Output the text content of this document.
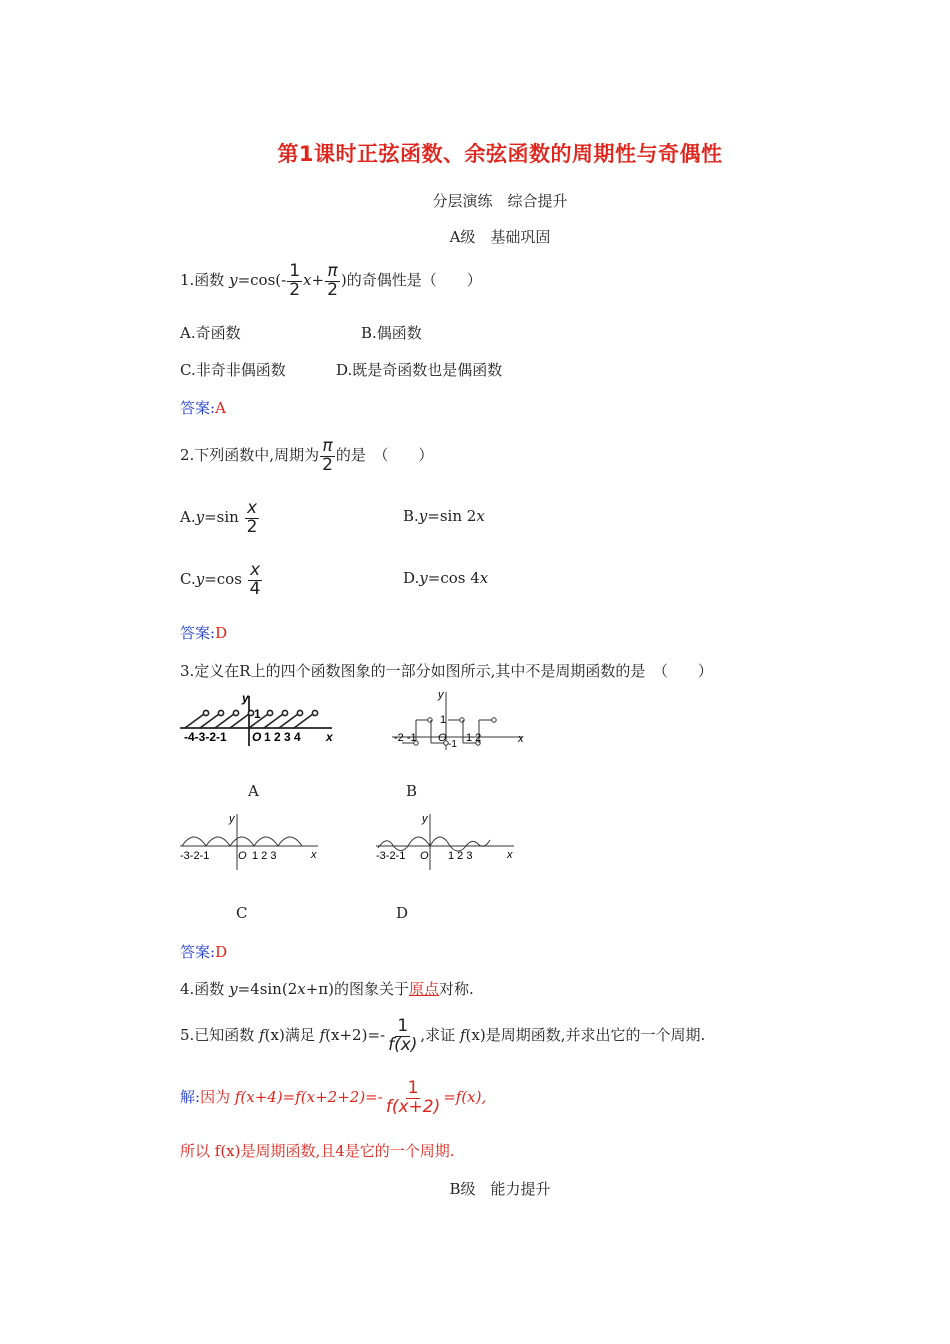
第1课时正弦函数、余弦函数的周期性与奇偶性
分层演练　综合提升
A级　基础巩固
1.函数 $y=\cos(- \frac{1}{2} x+ \frac{\pi}{2}$ )的奇偶性是（　　）
A.奇函数	B.偶函数
C.非奇非偶函数	D.既是奇函数也是偶函数
答案:A
2.下列函数中,周期为 $\frac{\pi}{2}$ 的是　（　　）
$A.y=\sin \frac{x}{2}$	B.y=sin 2x
$C.y=\cos \frac{x}{4}$	D.y=cos 4x
答案:D
3.定义在R上的四个函数图象的一部分如图所示,其中不是周期函数的是　（　　）
y
1
-4-3-2-1 O 1 2 3 4 x
y
1
-2 -1 O
-1
1 2	x
A	B
y
-3-2-1	O 1 2 3	x
y
-3-2-1 O 1 2 3	x
C	D
答案:D
4.函数 y=4sin(2x+π)的图象关于原点对称.
5.已知函数 f(x)满足 $f(x+2)=- \frac{1}{f(x)}$ ,求证 f(x)是周期函数,并求出它的一个周期.
解:因为 $f(x+4)=f(x+2+2)=- \frac{1}{f(x+2)} =f(x)$,
所以 f(x)是周期函数,且4是它的一个周期.
B级　能力提升
